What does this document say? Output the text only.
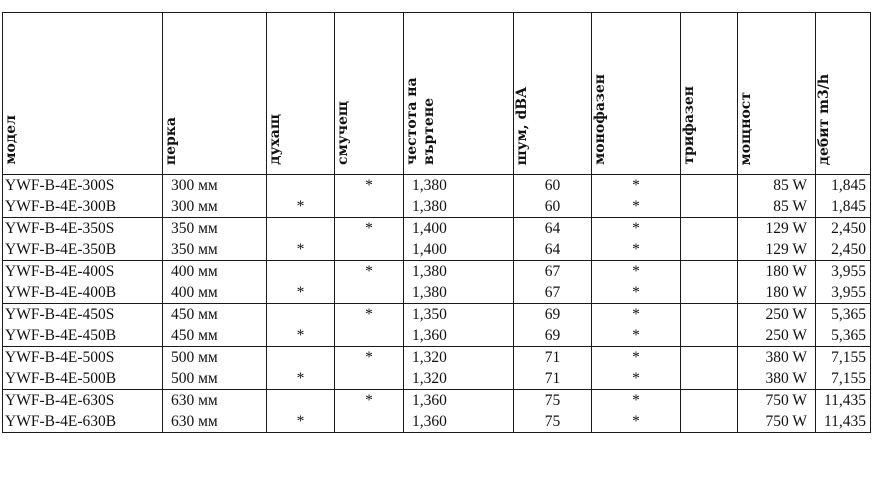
модел	перка	духащ	смучещ	честота на въртене	шум, dBA	монофазен	трифазен	мощност	дебит m3/h
YWF-B-4E-300S	300 мм		*	1,380	60	*		85 W	1,845
YWF-B-4E-300B	300 мм	*		1,380	60	*		85 W	1,845
YWF-B-4E-350S	350 мм		*	1,400	64	*		129 W	2,450
YWF-B-4E-350B	350 мм	*		1,400	64	*		129 W	2,450
YWF-B-4E-400S	400 мм		*	1,380	67	*		180 W	3,955
YWF-B-4E-400B	400 мм	*		1,380	67	*		180 W	3,955
YWF-B-4E-450S	450 мм		*	1,350	69	*		250 W	5,365
YWF-B-4E-450B	450 мм	*		1,360	69	*		250 W	5,365
YWF-B-4E-500S	500 мм		*	1,320	71	*		380 W	7,155
YWF-B-4E-500B	500 мм	*		1,320	71	*		380 W	7,155
YWF-B-4E-630S	630 мм		*	1,360	75	*		750 W	11,435
YWF-B-4E-630B	630 мм	*		1,360	75	*		750 W	11,435
